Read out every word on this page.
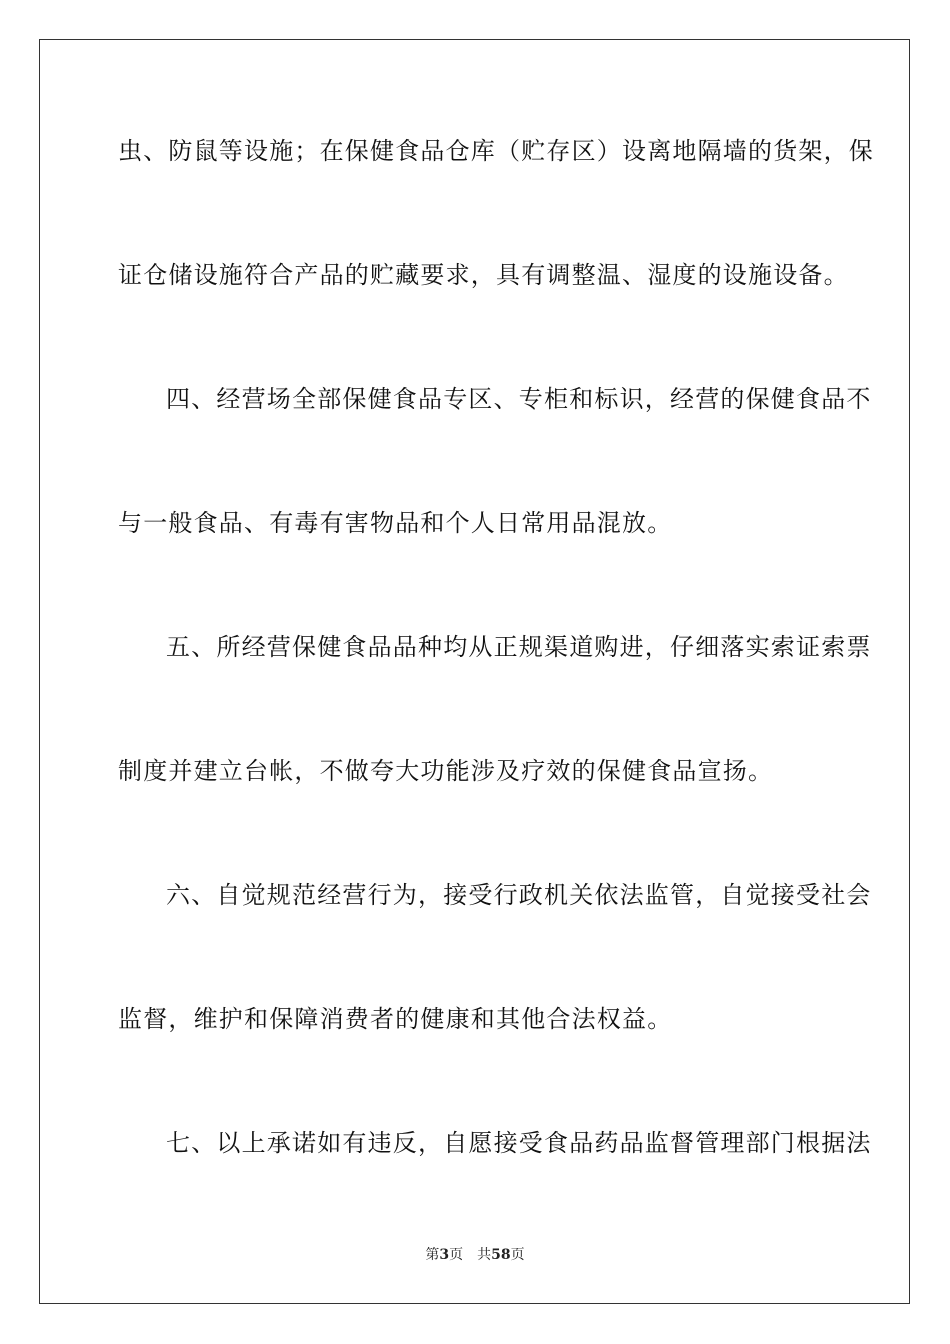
虫、防鼠等设施；在保健食品仓库（贮存区）设离地隔墙的货架，保
证仓储设施符合产品的贮藏要求，具有调整温、湿度的设施设备。
四、经营场全部保健食品专区、专柜和标识，经营的保健食品不
与一般食品、有毒有害物品和个人日常用品混放。
五、所经营保健食品品种均从正规渠道购进，仔细落实索证索票
制度并建立台帐，不做夸大功能涉及疗效的保健食品宣扬。
六、自觉规范经营行为，接受行政机关依法监管，自觉接受社会
监督，维护和保障消费者的健康和其他合法权益。
七、以上承诺如有违反，自愿接受食品药品监督管理部门根据法
第3页 共58页
